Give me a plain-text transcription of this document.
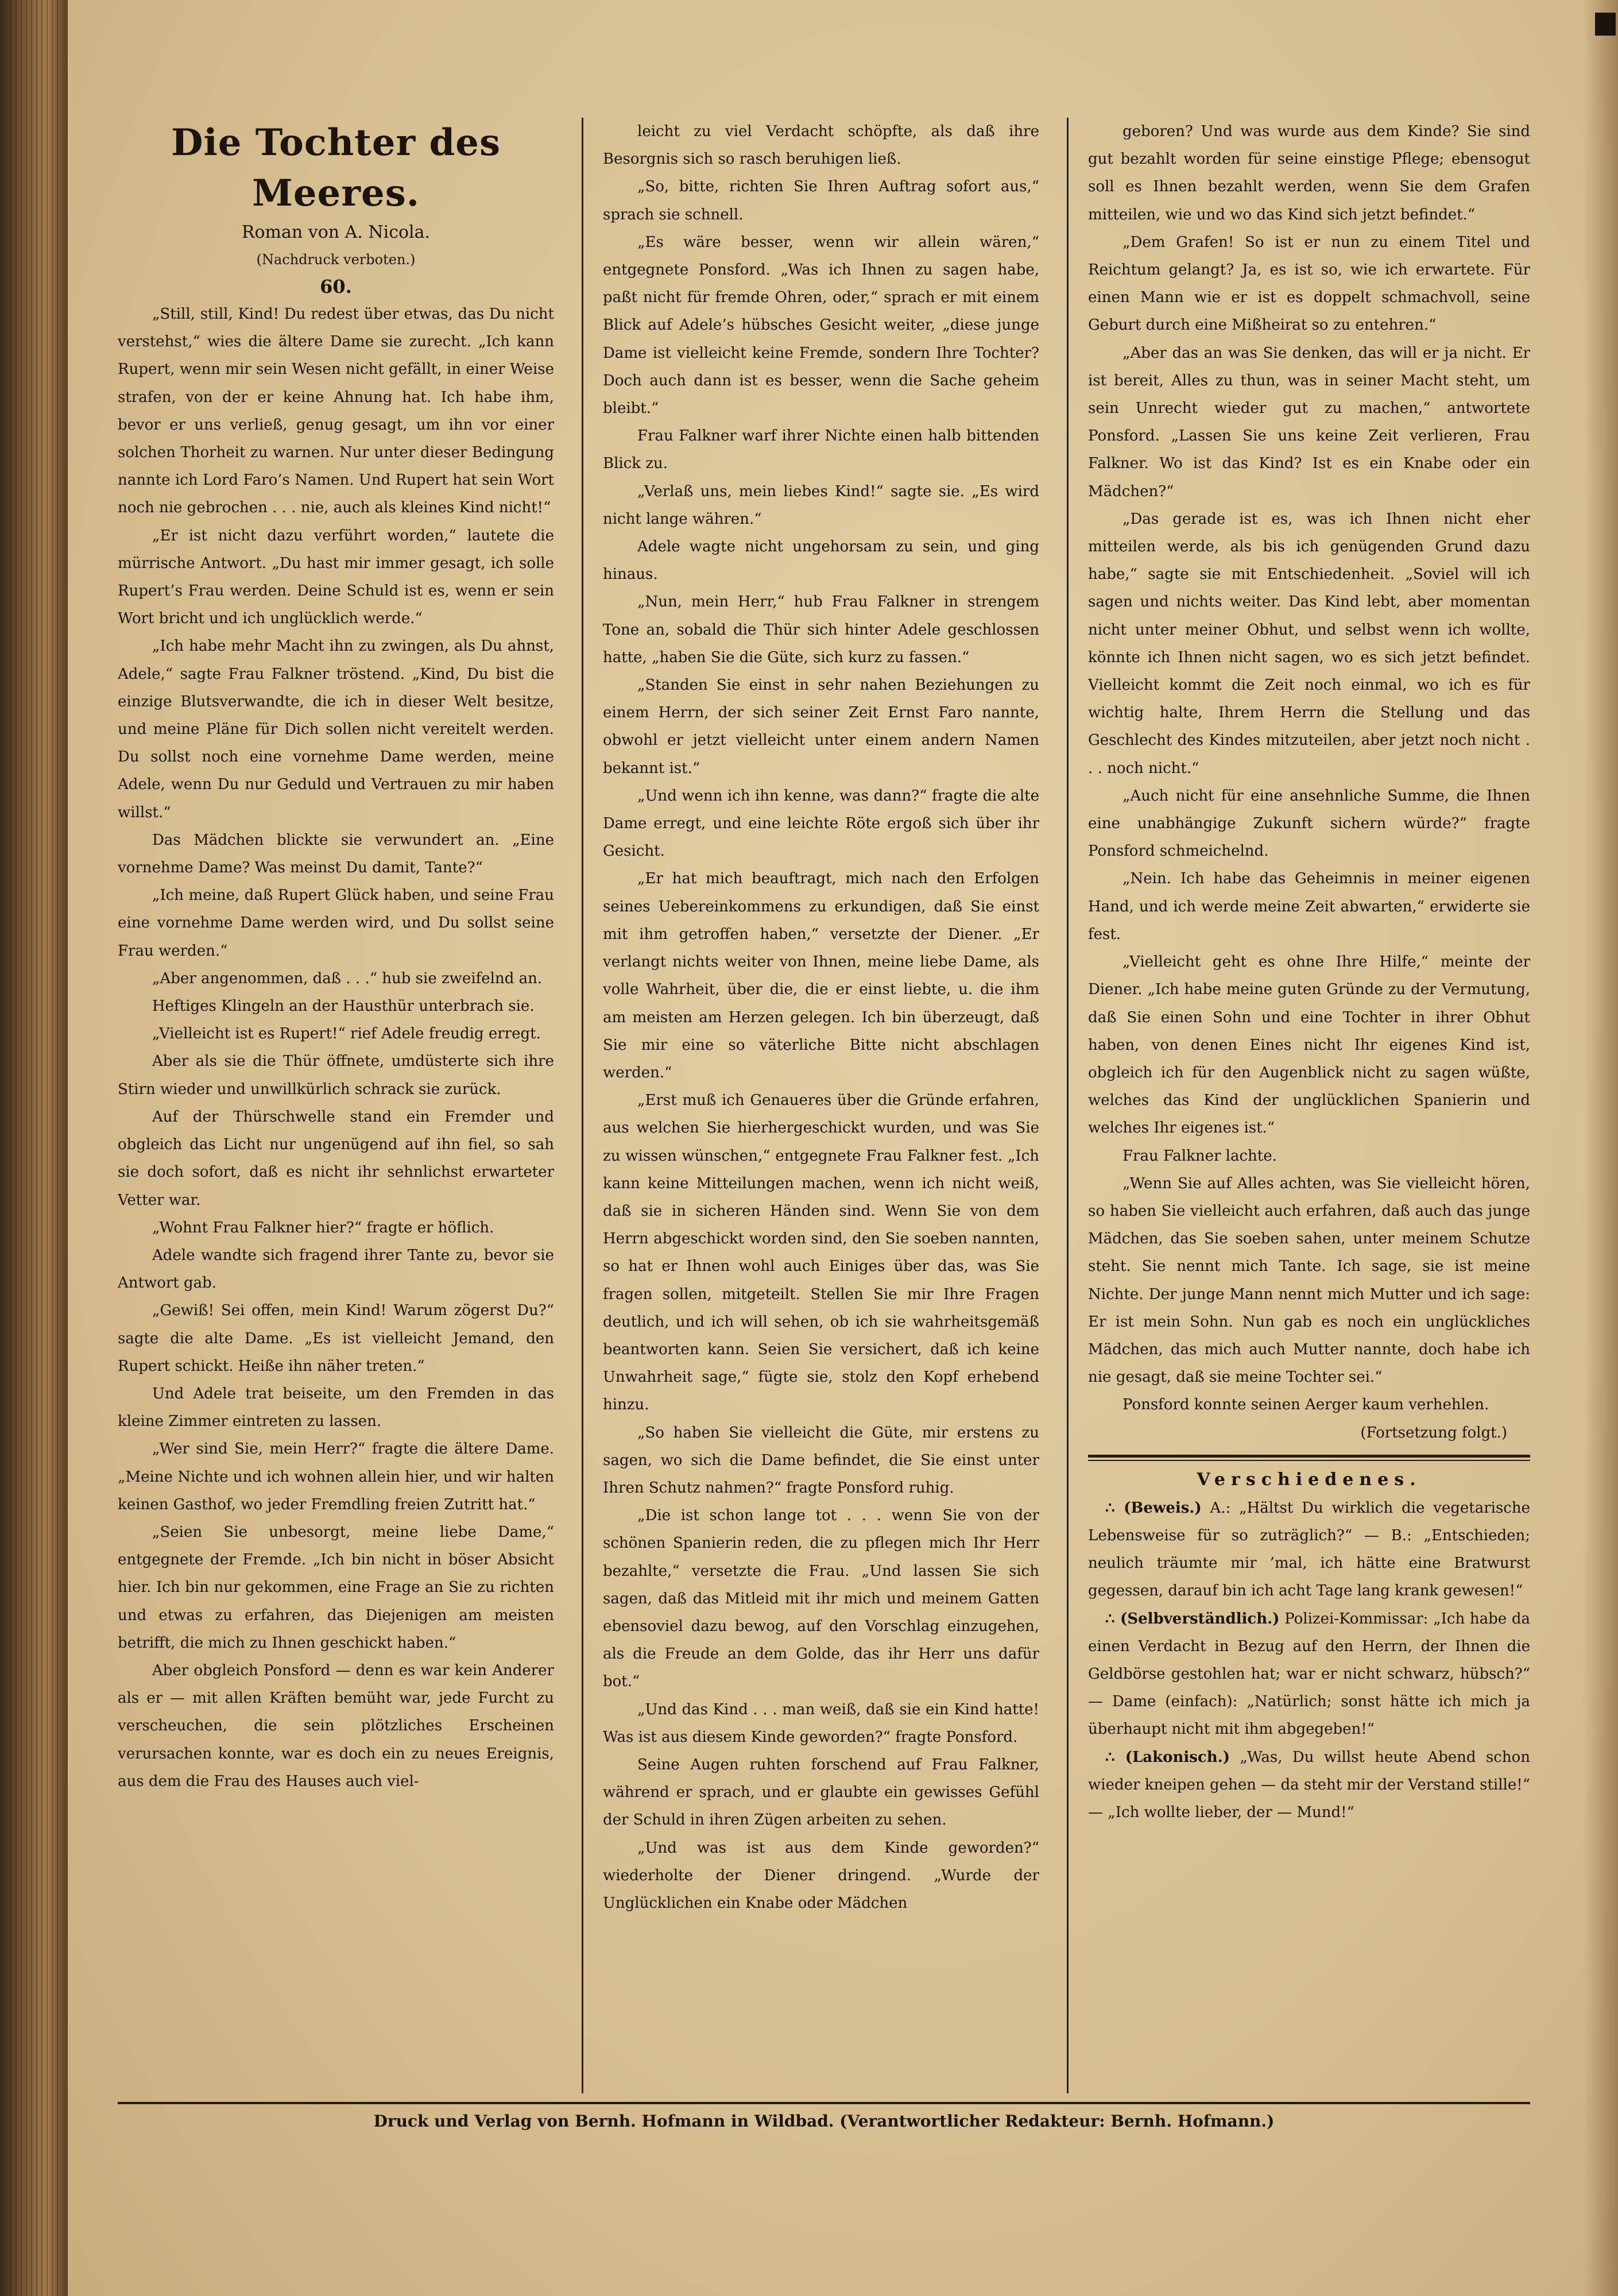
Die Tochter des Meeres.

Roman von A. Nicola.

(Nachdruck verboten.)

60.

„Still, still, Kind! Du redest über etwas, das Du nicht verstehst,“ wies die ältere Dame sie zurecht. „Ich kann Rupert, wenn mir sein Wesen nicht gefällt, in einer Weise strafen, von der er keine Ahnung hat. Ich habe ihm, bevor er uns verließ, genug gesagt, um ihn vor einer solchen Thorheit zu warnen. Nur unter dieser Bedingung nannte ich Lord Faro’s Namen. Und Rupert hat sein Wort noch nie gebrochen . . . nie, auch als kleines Kind nicht!“

„Er ist nicht dazu verführt worden,“ lautete die mürrische Antwort. „Du hast mir immer gesagt, ich solle Rupert’s Frau werden. Deine Schuld ist es, wenn er sein Wort bricht und ich unglücklich werde.“

„Ich habe mehr Macht ihn zu zwingen, als Du ahnst, Adele,“ sagte Frau Falkner tröstend. „Kind, Du bist die einzige Blutsverwandte, die ich in dieser Welt besitze, und meine Pläne für Dich sollen nicht vereitelt werden. Du sollst noch eine vornehme Dame werden, meine Adele, wenn Du nur Geduld und Vertrauen zu mir haben willst.“

Das Mädchen blickte sie verwundert an. „Eine vornehme Dame? Was meinst Du damit, Tante?“

„Ich meine, daß Rupert Glück haben, und seine Frau eine vornehme Dame werden wird, und Du sollst seine Frau werden.“

„Aber angenommen, daß . . .“ hub sie zweifelnd an.

Heftiges Klingeln an der Hausthür unterbrach sie.

„Vielleicht ist es Rupert!“ rief Adele freudig erregt.

Aber als sie die Thür öffnete, umdüsterte sich ihre Stirn wieder und unwillkürlich schrack sie zurück.

Auf der Thürschwelle stand ein Fremder und obgleich das Licht nur ungenügend auf ihn fiel, so sah sie doch sofort, daß es nicht ihr sehnlichst erwarteter Vetter war.

„Wohnt Frau Falkner hier?“ fragte er höflich.

Adele wandte sich fragend ihrer Tante zu, bevor sie Antwort gab.

„Gewiß! Sei offen, mein Kind! Warum zögerst Du?“ sagte die alte Dame. „Es ist vielleicht Jemand, den Rupert schickt. Heiße ihn näher treten.“

Und Adele trat beiseite, um den Fremden in das kleine Zimmer eintreten zu lassen.

„Wer sind Sie, mein Herr?“ fragte die ältere Dame. „Meine Nichte und ich wohnen allein hier, und wir halten keinen Gasthof, wo jeder Fremdling freien Zutritt hat.“

„Seien Sie unbesorgt, meine liebe Dame,“ entgegnete der Fremde. „Ich bin nicht in böser Absicht hier. Ich bin nur gekommen, eine Frage an Sie zu richten und etwas zu erfahren, das Diejenigen am meisten betrifft, die mich zu Ihnen geschickt haben.“

Aber obgleich Ponsford — denn es war kein Anderer als er — mit allen Kräften bemüht war, jede Furcht zu verscheuchen, die sein plötzliches Erscheinen verursachen konnte, war es doch ein zu neues Ereignis, aus dem die Frau des Hauses auch viel-

leicht zu viel Verdacht schöpfte, als daß ihre Besorgnis sich so rasch beruhigen ließ.

„So, bitte, richten Sie Ihren Auftrag sofort aus,“ sprach sie schnell.

„Es wäre besser, wenn wir allein wären,“ entgegnete Ponsford. „Was ich Ihnen zu sagen habe, paßt nicht für fremde Ohren, oder,“ sprach er mit einem Blick auf Adele’s hübsches Gesicht weiter, „diese junge Dame ist vielleicht keine Fremde, sondern Ihre Tochter? Doch auch dann ist es besser, wenn die Sache geheim bleibt.“

Frau Falkner warf ihrer Nichte einen halb bittenden Blick zu.

„Verlaß uns, mein liebes Kind!“ sagte sie. „Es wird nicht lange währen.“

Adele wagte nicht ungehorsam zu sein, und ging hinaus.

„Nun, mein Herr,“ hub Frau Falkner in strengem Tone an, sobald die Thür sich hinter Adele geschlossen hatte, „haben Sie die Güte, sich kurz zu fassen.“

„Standen Sie einst in sehr nahen Beziehungen zu einem Herrn, der sich seiner Zeit Ernst Faro nannte, obwohl er jetzt vielleicht unter einem andern Namen bekannt ist.“

„Und wenn ich ihn kenne, was dann?“ fragte die alte Dame erregt, und eine leichte Röte ergoß sich über ihr Gesicht.

„Er hat mich beauftragt, mich nach den Erfolgen seines Uebereinkommens zu erkundigen, daß Sie einst mit ihm getroffen haben,“ versetzte der Diener. „Er verlangt nichts weiter von Ihnen, meine liebe Dame, als volle Wahrheit, über die, die er einst liebte, u. die ihm am meisten am Herzen gelegen. Ich bin überzeugt, daß Sie mir eine so väterliche Bitte nicht abschlagen werden.“

„Erst muß ich Genaueres über die Gründe erfahren, aus welchen Sie hierhergeschickt wurden, und was Sie zu wissen wünschen,“ entgegnete Frau Falkner fest. „Ich kann keine Mitteilungen machen, wenn ich nicht weiß, daß sie in sicheren Händen sind. Wenn Sie von dem Herrn abgeschickt worden sind, den Sie soeben nannten, so hat er Ihnen wohl auch Einiges über das, was Sie fragen sollen, mitgeteilt. Stellen Sie mir Ihre Fragen deutlich, und ich will sehen, ob ich sie wahrheitsgemäß beantworten kann. Seien Sie versichert, daß ich keine Unwahrheit sage,“ fügte sie, stolz den Kopf erhebend hinzu.

„So haben Sie vielleicht die Güte, mir erstens zu sagen, wo sich die Dame befindet, die Sie einst unter Ihren Schutz nahmen?“ fragte Ponsford ruhig.

„Die ist schon lange tot . . . wenn Sie von der schönen Spanierin reden, die zu pflegen mich Ihr Herr bezahlte,“ versetzte die Frau. „Und lassen Sie sich sagen, daß das Mitleid mit ihr mich und meinem Gatten ebensoviel dazu bewog, auf den Vorschlag einzugehen, als die Freude an dem Golde, das ihr Herr uns dafür bot.“

„Und das Kind . . . man weiß, daß sie ein Kind hatte! Was ist aus diesem Kinde geworden?“ fragte Ponsford.

Seine Augen ruhten forschend auf Frau Falkner, während er sprach, und er glaubte ein gewisses Gefühl der Schuld in ihren Zügen arbeiten zu sehen.

„Und was ist aus dem Kinde geworden?“ wiederholte der Diener dringend. „Wurde der Unglücklichen ein Knabe oder Mädchen

geboren? Und was wurde aus dem Kinde? Sie sind gut bezahlt worden für seine einstige Pflege; ebensogut soll es Ihnen bezahlt werden, wenn Sie dem Grafen mitteilen, wie und wo das Kind sich jetzt befindet.“

„Dem Grafen! So ist er nun zu einem Titel und Reichtum gelangt? Ja, es ist so, wie ich erwartete. Für einen Mann wie er ist es doppelt schmachvoll, seine Geburt durch eine Mißheirat so zu entehren.“

„Aber das an was Sie denken, das will er ja nicht. Er ist bereit, Alles zu thun, was in seiner Macht steht, um sein Unrecht wieder gut zu machen,“ antwortete Ponsford. „Lassen Sie uns keine Zeit verlieren, Frau Falkner. Wo ist das Kind? Ist es ein Knabe oder ein Mädchen?“

„Das gerade ist es, was ich Ihnen nicht eher mitteilen werde, als bis ich genügenden Grund dazu habe,“ sagte sie mit Entschiedenheit. „Soviel will ich sagen und nichts weiter. Das Kind lebt, aber momentan nicht unter meiner Obhut, und selbst wenn ich wollte, könnte ich Ihnen nicht sagen, wo es sich jetzt befindet. Vielleicht kommt die Zeit noch einmal, wo ich es für wichtig halte, Ihrem Herrn die Stellung und das Geschlecht des Kindes mitzuteilen, aber jetzt noch nicht . . . noch nicht.“

„Auch nicht für eine ansehnliche Summe, die Ihnen eine unabhängige Zukunft sichern würde?“ fragte Ponsford schmeichelnd.

„Nein. Ich habe das Geheimnis in meiner eigenen Hand, und ich werde meine Zeit abwarten,“ erwiderte sie fest.

„Vielleicht geht es ohne Ihre Hilfe,“ meinte der Diener. „Ich habe meine guten Gründe zu der Vermutung, daß Sie einen Sohn und eine Tochter in ihrer Obhut haben, von denen Eines nicht Ihr eigenes Kind ist, obgleich ich für den Augenblick nicht zu sagen wüßte, welches das Kind der unglücklichen Spanierin und welches Ihr eigenes ist.“

Frau Falkner lachte.

„Wenn Sie auf Alles achten, was Sie vielleicht hören, so haben Sie vielleicht auch erfahren, daß auch das junge Mädchen, das Sie soeben sahen, unter meinem Schutze steht. Sie nennt mich Tante. Ich sage, sie ist meine Nichte. Der junge Mann nennt mich Mutter und ich sage: Er ist mein Sohn. Nun gab es noch ein unglückliches Mädchen, das mich auch Mutter nannte, doch habe ich nie gesagt, daß sie meine Tochter sei.“

Ponsford konnte seinen Aerger kaum verhehlen.

(Fortsetzung folgt.)

Verschiedenes.

∴ (Beweis.) A.: „Hältst Du wirklich die vegetarische Lebensweise für so zuträglich?“ — B.: „Entschieden; neulich träumte mir ’mal, ich hätte eine Bratwurst gegessen, darauf bin ich acht Tage lang krank gewesen!“

∴ (Selbverständlich.) Polizei-Kommissar: „Ich habe da einen Verdacht in Bezug auf den Herrn, der Ihnen die Geldbörse gestohlen hat; war er nicht schwarz, hübsch?“ — Dame (einfach): „Natürlich; sonst hätte ich mich ja überhaupt nicht mit ihm abgegeben!“

∴ (Lakonisch.) „Was, Du willst heute Abend schon wieder kneipen gehen — da steht mir der Verstand stille!“ — „Ich wollte lieber, der — Mund!“

Druck und Verlag von Bernh. Hofmann in Wildbad. (Verantwortlicher Redakteur: Bernh. Hofmann.)
